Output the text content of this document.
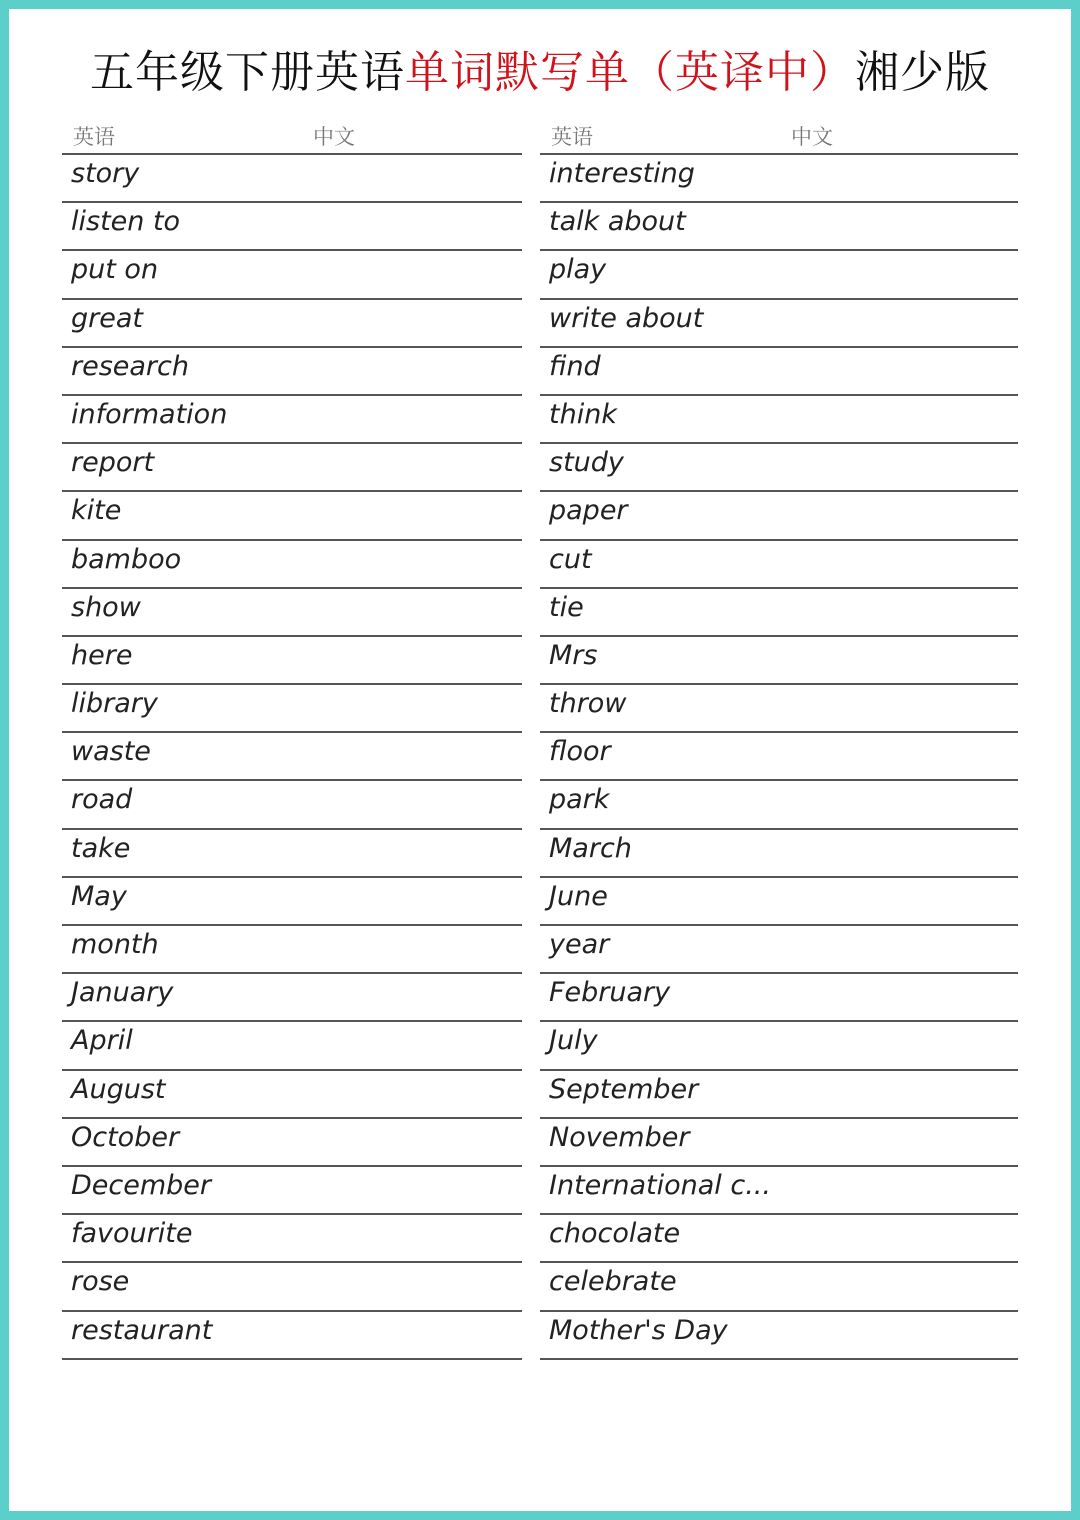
五年级下册英语单词默写单（英译中）湘少版
英语	中文
story
listen to
put on
great
research
information
report
kite
bamboo
show
here
library
waste
road
take
May
month
January
April
August
October
December
favourite
rose
restaurant
英语	中文
interesting
talk about
play
write about
find
think
study
paper
cut
tie
Mrs
throw
floor
park
March
June
year
February
July
September
November
International c...
chocolate
celebrate
Mother's Day
